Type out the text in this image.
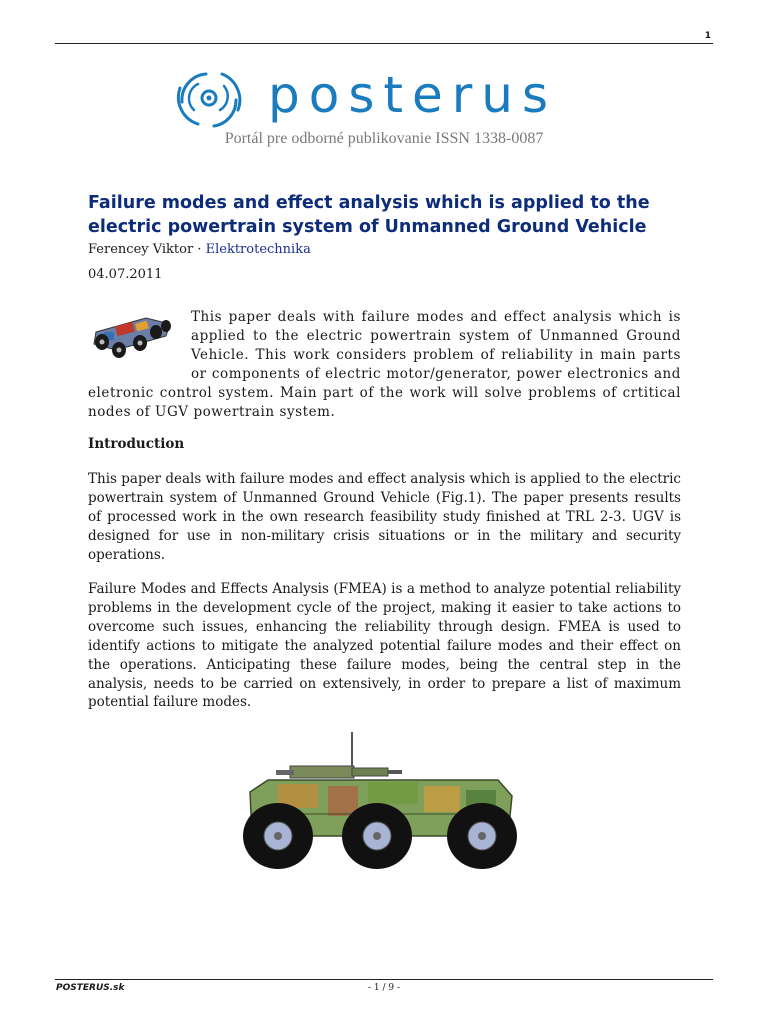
1
posterus
Portál pre odborné publikovanie ISSN 1338-0087
Failure modes and effect analysis which is applied to the electric powertrain system of Unmanned Ground Vehicle
Ferencey Viktor · Elektrotechnika
04.07.2011

This paper deals with failure modes and effect analysis which is applied to the electric powertrain system of Unmanned Ground Vehicle. This work considers problem of reliability in main parts or components of electric motor/generator, power electronics and eletronic control system. Main part of the work will solve problems of crtitical nodes of UGV powertrain system.

Introduction

This paper deals with failure modes and effect analysis which is applied to the electric powertrain system of Unmanned Ground Vehicle (Fig.1). The paper presents results of processed work in the own research feasibility study finished at TRL 2-3. UGV is designed for use in non-military crisis situations or in the military and security operations.

Failure Modes and Effects Analysis (FMEA) is a method to analyze potential reliability problems in the development cycle of the project, making it easier to take actions to overcome such issues, enhancing the reliability through design. FMEA is used to identify actions to mitigate the analyzed potential failure modes and their effect on the operations. Anticipating these failure modes, being the central step in the analysis, needs to be carried on extensively, in order to prepare a list of maximum potential failure modes.

POSTERUS.sk	- 1 / 9 -
